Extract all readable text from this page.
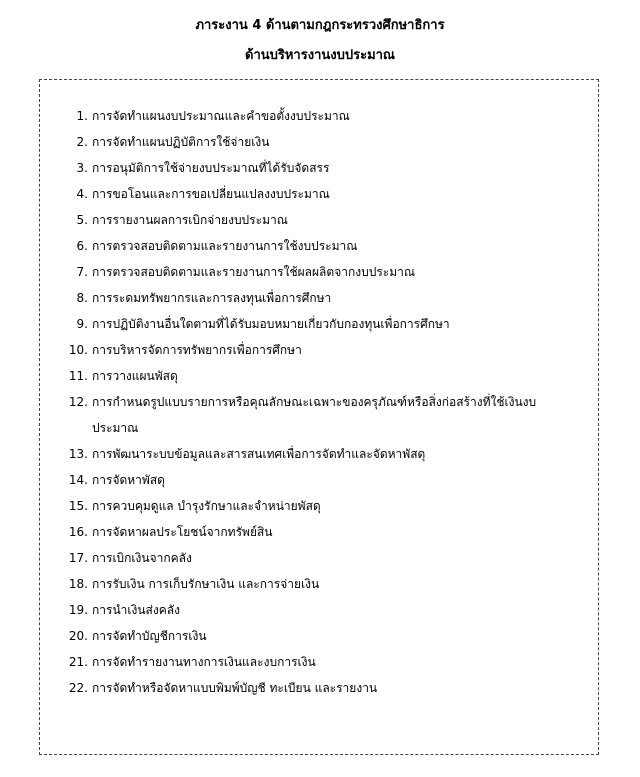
ภาระงาน 4 ด้านตามกฎกระทรวงศึกษาธิการ
ด้านบริหารงานงบประมาณ
1. การจัดทำแผนงบประมาณและคำขอตั้งงบประมาณ
2. การจัดทำแผนปฏิบัติการใช้จ่ายเงิน
3. การอนุมัติการใช้จ่ายงบประมาณที่ได้รับจัดสรร
4. การขอโอนและการขอเปลี่ยนแปลงงบประมาณ
5. การรายงานผลการเบิกจ่ายงบประมาณ
6. การตรวจสอบติดตามและรายงานการใช้งบประมาณ
7. การตรวจสอบติดตามและรายงานการใช้ผลผลิตจากงบประมาณ
8. การระดมทรัพยากรและการลงทุนเพื่อการศึกษา
9. การปฏิบัติงานอื่นใดตามที่ได้รับมอบหมายเกี่ยวกับกองทุนเพื่อการศึกษา
10. การบริหารจัดการทรัพยากรเพื่อการศึกษา
11. การวางแผนพัสดุ
12. การกำหนดรูปแบบรายการหรือคุณลักษณะเฉพาะของครุภัณฑ์หรือสิ่งก่อสร้างที่ใช้เงินงบประมาณ
13. การพัฒนาระบบข้อมูลและสารสนเทศเพื่อการจัดทำและจัดหาพัสดุ
14. การจัดหาพัสดุ
15. การควบคุมดูแล บำรุงรักษาและจำหน่ายพัสดุ
16. การจัดหาผลประโยชน์จากทรัพย์สิน
17. การเบิกเงินจากคลัง
18. การรับเงิน การเก็บรักษาเงิน และการจ่ายเงิน
19. การนำเงินส่งคลัง
20. การจัดทำบัญชีการเงิน
21. การจัดทำรายงานทางการเงินและงบการเงิน
22. การจัดทำหรือจัดหาแบบพิมพ์บัญชี ทะเบียน และรายงาน
